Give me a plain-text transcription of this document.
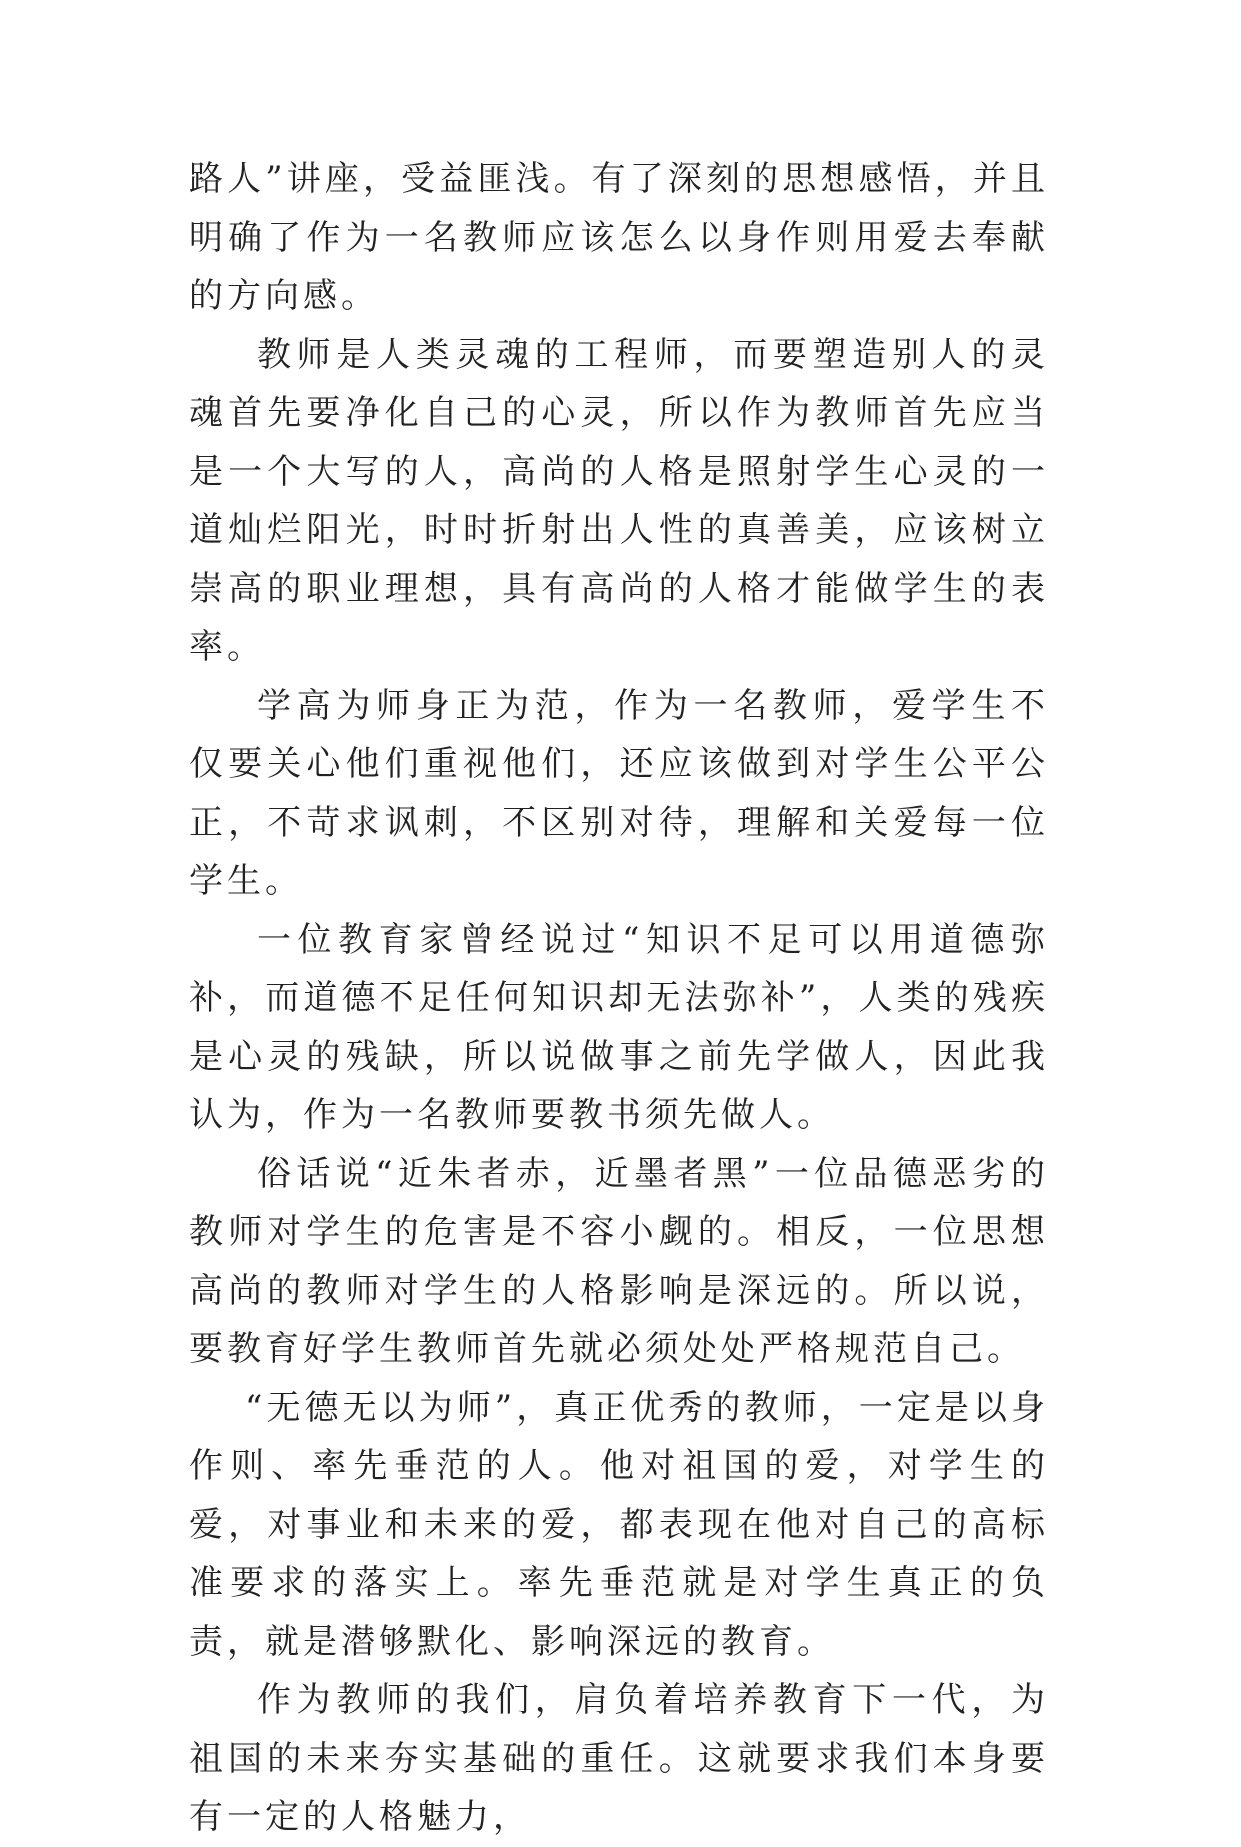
路人”讲座，受益匪浅。有了深刻的思想感悟，并且明确了作为一名教师应该怎么以身作则用爱去奉献的方向感。

教师是人类灵魂的工程师，而要塑造别人的灵魂首先要净化自己的心灵，所以作为教师首先应当是一个大写的人，高尚的人格是照射学生心灵的一道灿烂阳光，时时折射出人性的真善美，应该树立崇高的职业理想，具有高尚的人格才能做学生的表率。

学高为师身正为范，作为一名教师，爱学生不仅要关心他们重视他们，还应该做到对学生公平公正，不苛求讽刺，不区别对待，理解和关爱每一位学生。

一位教育家曾经说过“知识不足可以用道德弥补，而道德不足任何知识却无法弥补”，人类的残疾是心灵的残缺，所以说做事之前先学做人，因此我认为，作为一名教师要教书须先做人。

俗话说“近朱者赤，近墨者黑”一位品德恶劣的教师对学生的危害是不容小觑的。相反，一位思想高尚的教师对学生的人格影响是深远的。所以说，要教育好学生教师首先就必须处处严格规范自己。

“无德无以为师”，真正优秀的教师，一定是以身作则、率先垂范的人。他对祖国的爱，对学生的爱，对事业和未来的爱，都表现在他对自己的高标准要求的落实上。率先垂范就是对学生真正的负责，就是潜够默化、影响深远的教育。

作为教师的我们，肩负着培养教育下一代，为祖国的未来夯实基础的重任。这就要求我们本身要有一定的人格魅力，
